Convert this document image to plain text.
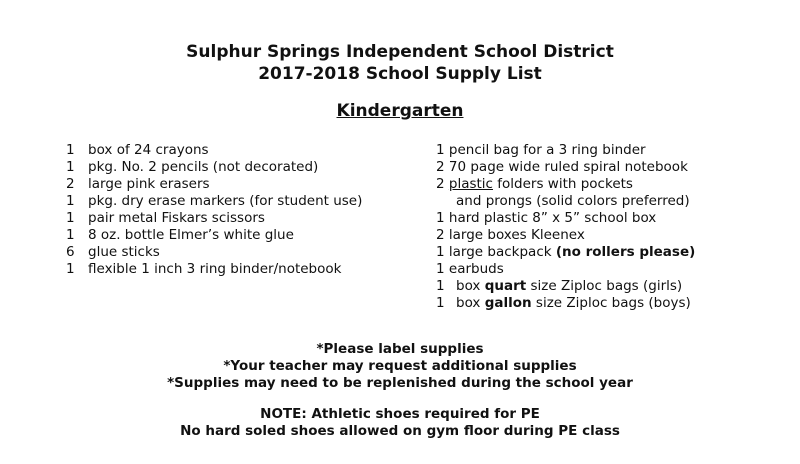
Sulphur Springs Independent School District
2017-2018 School Supply List
Kindergarten
1 box of 24 crayons
1 pkg. No. 2 pencils (not decorated)
2 large pink erasers
1 pkg. dry erase markers (for student use)
1 pair metal Fiskars scissors
1 8 oz. bottle Elmer’s white glue
6 glue sticks
1 flexible 1 inch 3 ring binder/notebook
1 pencil bag for a 3 ring binder
2 70 page wide ruled spiral notebook
2 plastic folders with pockets
and prongs (solid colors preferred)
1 hard plastic 8” x 5” school box
2 large boxes Kleenex
1 large backpack (no rollers please)
1 earbuds
1 box quart size Ziploc bags (girls)
1 box gallon size Ziploc bags (boys)
*Please label supplies
*Your teacher may request additional supplies
*Supplies may need to be replenished during the school year
NOTE: Athletic shoes required for PE
No hard soled shoes allowed on gym floor during PE class
